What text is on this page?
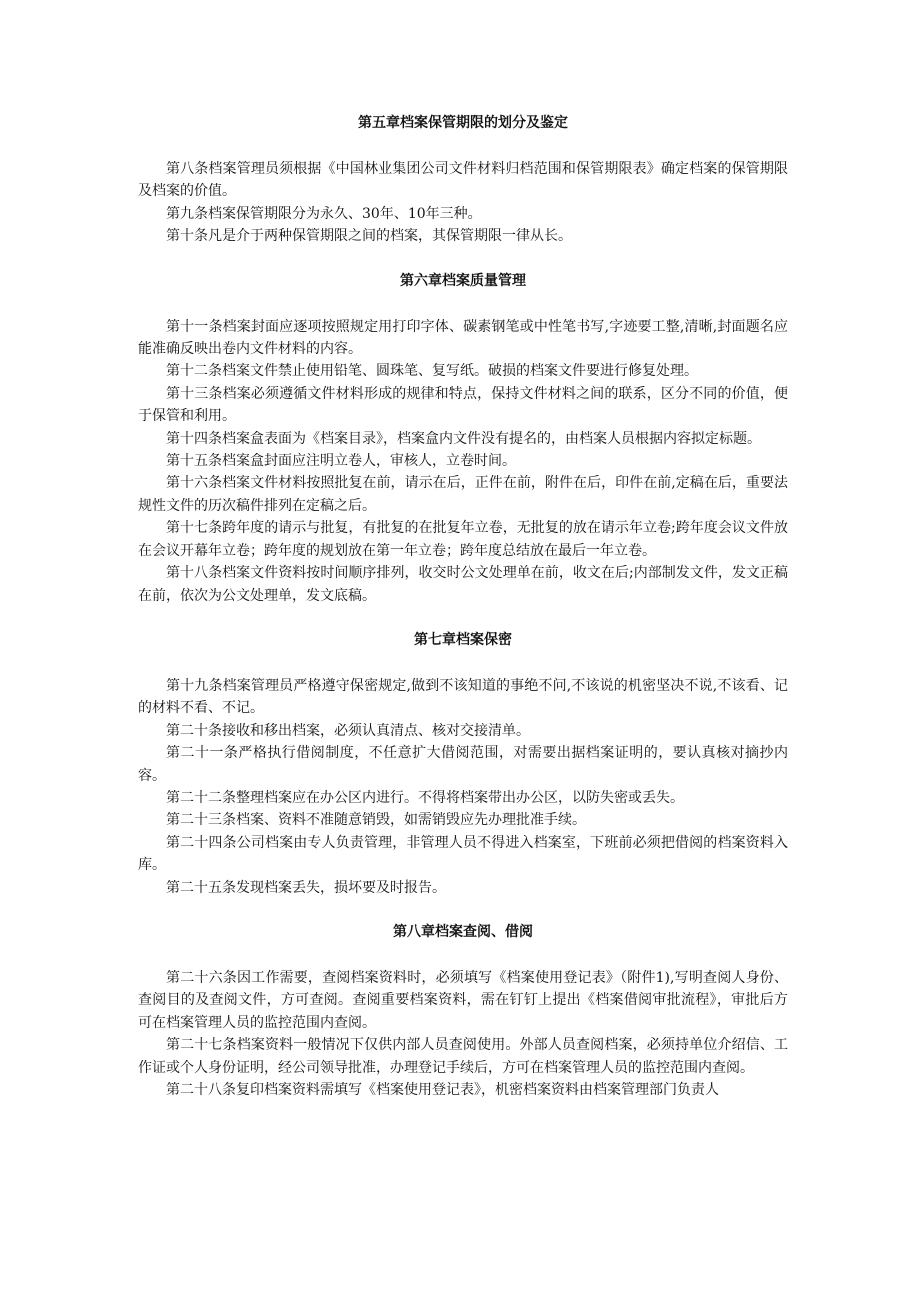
第五章档案保管期限的划分及鉴定

第八条档案管理员须根据《中国林业集团公司文件材料归档范围和保管期限表》确定档案的保管期限及档案的价值。

第九条档案保管期限分为永久、30年、10年三种。

第十条凡是介于两种保管期限之间的档案，其保管期限一律从长。

第六章档案质量管理

第十一条档案封面应逐项按照规定用打印字体、碳素钢笔或中性笔书写,字迹要工整,清晰,封面题名应能准确反映出卷内文件材料的内容。

第十二条档案文件禁止使用铅笔、圆珠笔、复写纸。破损的档案文件要进行修复处理。

第十三条档案必须遵循文件材料形成的规律和特点，保持文件材料之间的联系，区分不同的价值，便于保管和利用。

第十四条档案盒表面为《档案目录》，档案盒内文件没有提名的，由档案人员根据内容拟定标题。

第十五条档案盒封面应注明立卷人，审核人，立卷时间。

第十六条档案文件材料按照批复在前，请示在后，正件在前，附件在后，印件在前,定稿在后，重要法规性文件的历次稿件排列在定稿之后。

第十七条跨年度的请示与批复，有批复的在批复年立卷，无批复的放在请示年立卷;跨年度会议文件放在会议开幕年立卷；跨年度的规划放在第一年立卷；跨年度总结放在最后一年立卷。

第十八条档案文件资料按时间顺序排列，收交时公文处理单在前，收文在后;内部制发文件，发文正稿在前，依次为公文处理单，发文底稿。

第七章档案保密

第十九条档案管理员严格遵守保密规定,做到不该知道的事绝不问,不该说的机密坚决不说,不该看、记的材料不看、不记。

第二十条接收和移出档案，必须认真清点、核对交接清单。

第二十一条严格执行借阅制度，不任意扩大借阅范围，对需要出据档案证明的，要认真核对摘抄内容。

第二十二条整理档案应在办公区内进行。不得将档案带出办公区，以防失密或丢失。

第二十三条档案、资料不准随意销毁，如需销毁应先办理批准手续。

第二十四条公司档案由专人负责管理，非管理人员不得进入档案室，下班前必须把借阅的档案资料入库。

第二十五条发现档案丢失，损坏要及时报告。

第八章档案查阅、借阅

第二十六条因工作需要，查阅档案资料时，必须填写《档案使用登记表》（附件1),写明查阅人身份、查阅目的及查阅文件，方可查阅。查阅重要档案资料，需在钉钉上提出《档案借阅审批流程》，审批后方可在档案管理人员的监控范围内查阅。

第二十七条档案资料一般情况下仅供内部人员查阅使用。外部人员查阅档案，必须持单位介绍信、工作证或个人身份证明，经公司领导批准，办理登记手续后，方可在档案管理人员的监控范围内查阅。

第二十八条复印档案资料需填写《档案使用登记表》，机密档案资料由档案管理部门负责人
